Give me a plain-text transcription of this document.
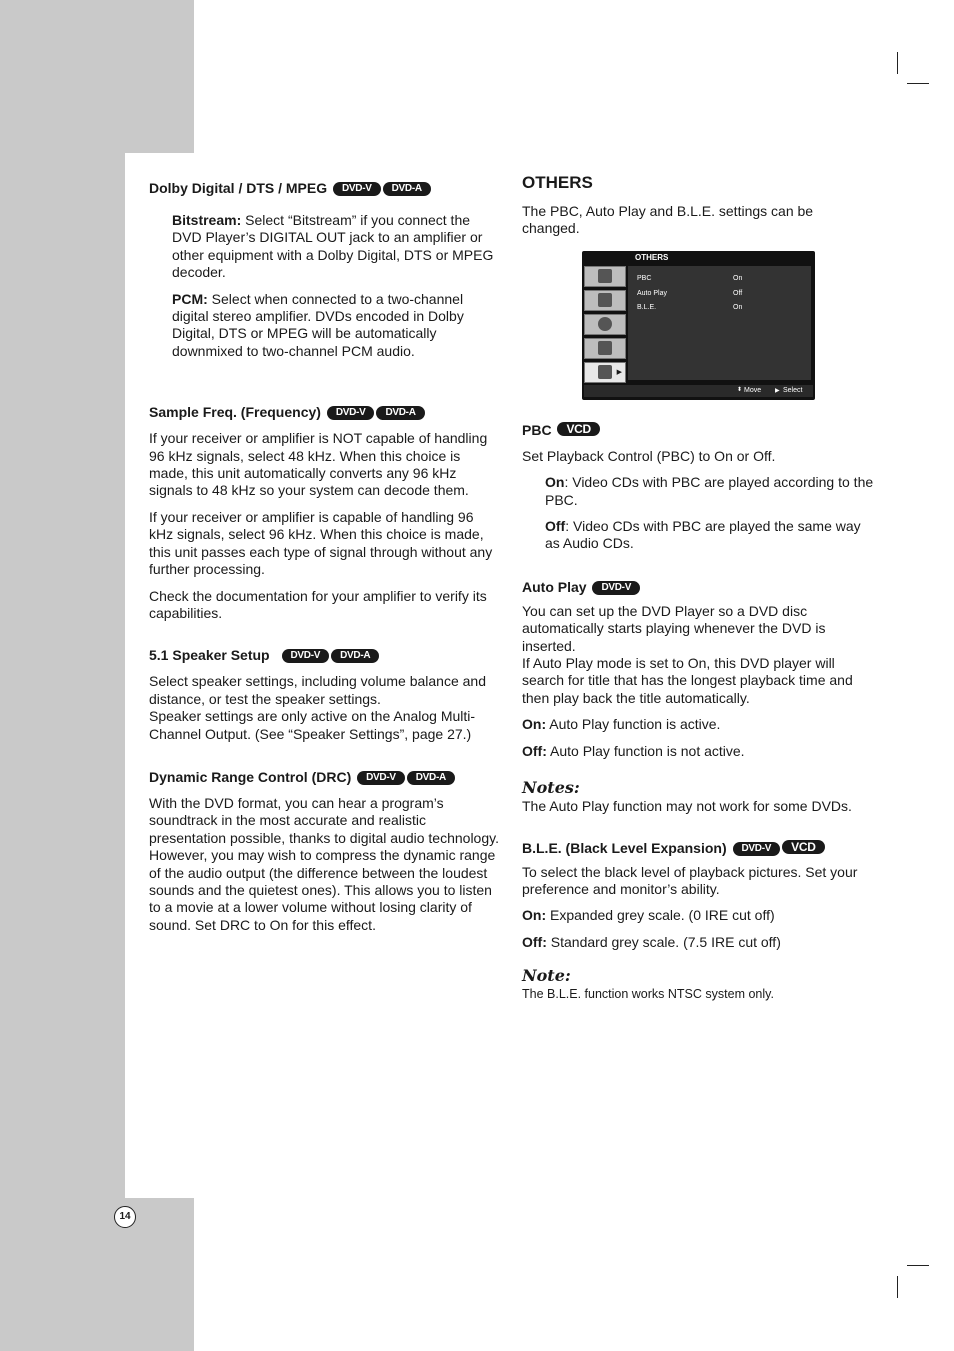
14
Dolby Digital / DTS / MPEG DVD-V DVD-A

Bitstream: Select “Bitstream” if you connect the DVD Player’s DIGITAL OUT jack to an amplifier or other equipment with a Dolby Digital, DTS or MPEG decoder.

PCM: Select when connected to a two-channel digital stereo amplifier. DVDs encoded in Dolby Digital, DTS or MPEG will be automatically downmixed to two-channel PCM audio.

Sample Freq. (Frequency) DVD-V DVD-A

If your receiver or amplifier is NOT capable of handling 96 kHz signals, select 48 kHz. When this choice is made, this unit automatically converts any 96 kHz signals to 48 kHz so your system can decode them.

If your receiver or amplifier is capable of handling 96 kHz signals, select 96 kHz. When this choice is made, this unit passes each type of signal through without any further processing.

Check the documentation for your amplifier to verify its capabilities.

5.1 Speaker Setup DVD-V DVD-A

Select speaker settings, including volume balance and distance, or test the speaker settings.

Speaker settings are only active on the Analog Multi-Channel Output. (See “Speaker Settings”, page 27.)

Dynamic Range Control (DRC) DVD-V DVD-A

With the DVD format, you can hear a program’s soundtrack in the most accurate and realistic presentation possible, thanks to digital audio technology. However, you may wish to compress the dynamic range of the audio output (the difference between the loudest sounds and the quietest ones). This allows you to listen to a movie at a lower volume without losing clarity of sound. Set DRC to On for this effect.

OTHERS

The PBC, Auto Play and B.L.E. settings can be changed.

PBC VCD

Set Playback Control (PBC) to On or Off.

On: Video CDs with PBC are played according to the PBC.

Off: Video CDs with PBC are played the same way as Audio CDs.

Auto Play DVD-V

You can set up the DVD Player so a DVD disc automatically starts playing whenever the DVD is inserted.

If Auto Play mode is set to On, this DVD player will search for title that has the longest playback time and then play back the title automatically.

On: Auto Play function is active.

Off: Auto Play function is not active.

Notes:

The Auto Play function may not work for some DVDs.

B.L.E. (Black Level Expansion) DVD-V VCD

To select the black level of playback pictures. Set your preference and monitor’s ability.

On: Expanded grey scale. (0 IRE cut off)

Off: Standard grey scale. (7.5 IRE cut off)

Note:

The B.L.E. function works NTSC system only.

OTHERS
▶
PBC	On
Auto Play	Off
B.L.E.	On
⬍ Move ▶ Select
